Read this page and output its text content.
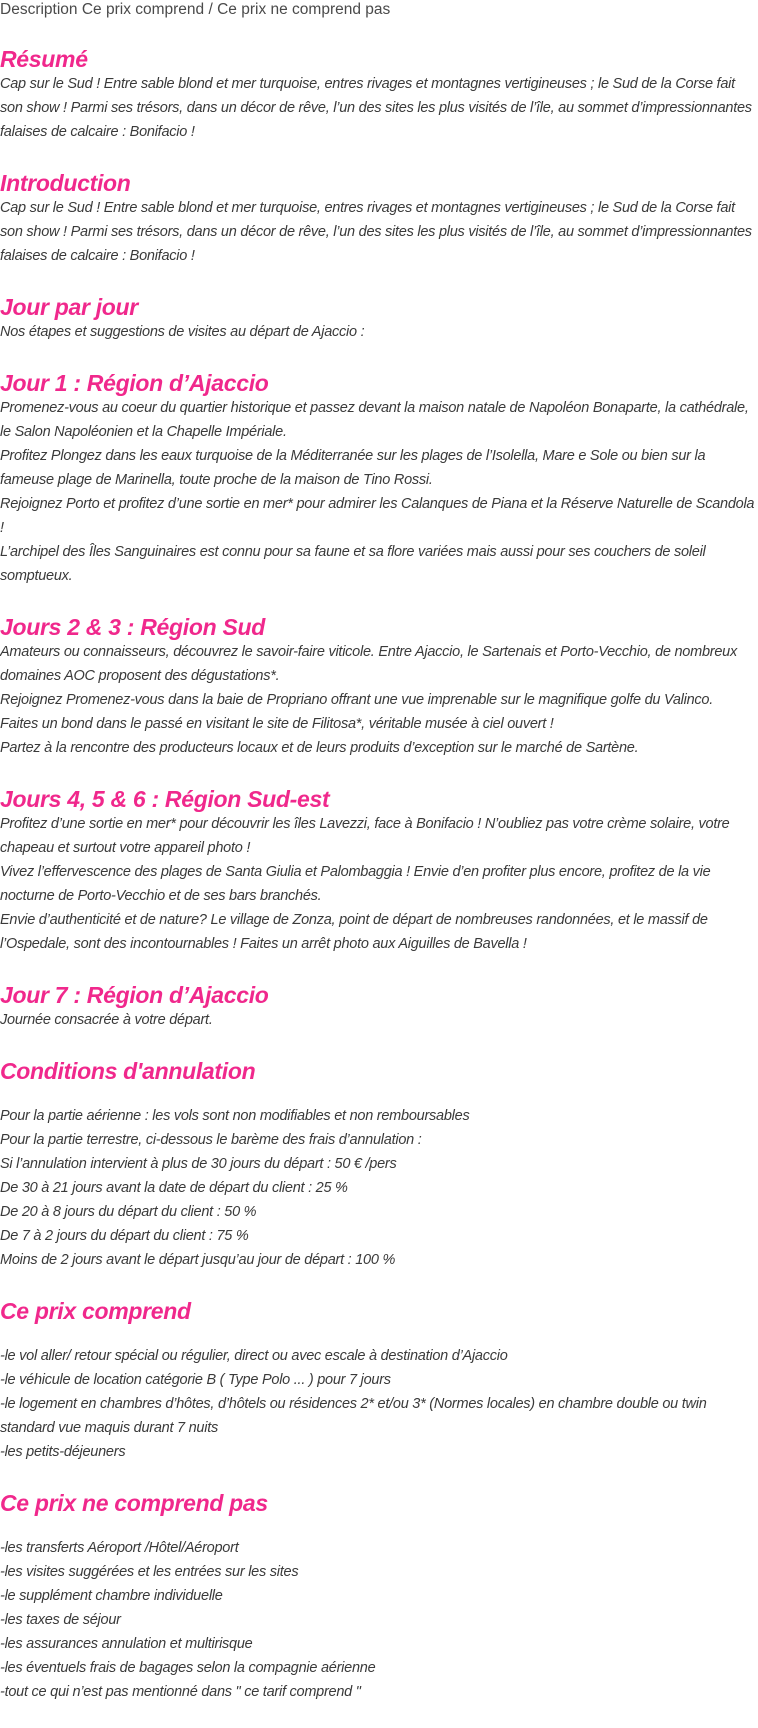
Description Ce prix comprend / Ce prix ne comprend pas
Résumé

Cap sur le Sud ! Entre sable blond et mer turquoise, entres rivages et montagnes vertigineuses ; le Sud de la Corse fait son show ! Parmi ses trésors, dans un décor de rêve, l’un des sites les plus visités de l’île, au sommet d’impressionnantes falaises de calcaire : Bonifacio !

Introduction

Cap sur le Sud ! Entre sable blond et mer turquoise, entres rivages et montagnes vertigineuses ; le Sud de la Corse fait son show ! Parmi ses trésors, dans un décor de rêve, l’un des sites les plus visités de l’île, au sommet d’impressionnantes falaises de calcaire : Bonifacio !

Jour par jour

Nos étapes et suggestions de visites au départ de Ajaccio :

Jour 1 : Région d’Ajaccio

Promenez-vous au coeur du quartier historique et passez devant la maison natale de Napoléon Bonaparte, la cathédrale, le Salon Napoléonien et la Chapelle Impériale.

Profitez Plongez dans les eaux turquoise de la Méditerranée sur les plages de l’Isolella, Mare e Sole ou bien sur la fameuse plage de Marinella, toute proche de la maison de Tino Rossi.

Rejoignez Porto et profitez d’une sortie en mer* pour admirer les Calanques de Piana et la Réserve Naturelle de Scandola !

L’archipel des Îles Sanguinaires est connu pour sa faune et sa flore variées mais aussi pour ses couchers de soleil somptueux.

Jours 2 & 3 : Région Sud

Amateurs ou connaisseurs, découvrez le savoir-faire viticole. Entre Ajaccio, le Sartenais et Porto-Vecchio, de nombreux domaines AOC proposent des dégustations*.

Rejoignez Promenez-vous dans la baie de Propriano offrant une vue imprenable sur le magnifique golfe du Valinco.

Faites un bond dans le passé en visitant le site de Filitosa*, véritable musée à ciel ouvert !

Partez à la rencontre des producteurs locaux et de leurs produits d’exception sur le marché de Sartène.

Jours 4, 5 & 6 : Région Sud-est

Profitez d’une sortie en mer* pour découvrir les îles Lavezzi, face à Bonifacio ! N’oubliez pas votre crème solaire, votre chapeau et surtout votre appareil photo !

Vivez l’effervescence des plages de Santa Giulia et Palombaggia ! Envie d’en profiter plus encore, profitez de la vie nocturne de Porto-Vecchio et de ses bars branchés.

Envie d’authenticité et de nature? Le village de Zonza, point de départ de nombreuses randonnées, et le massif de l’Ospedale, sont des incontournables ! Faites un arrêt photo aux Aiguilles de Bavella !

Jour 7 : Région d’Ajaccio

Journée consacrée à votre départ.

Conditions d'annulation
Pour la partie aérienne : les vols sont non modifiables et non remboursables
Pour la partie terrestre, ci-dessous le barème des frais d’annulation :
Si l’annulation intervient à plus de 30 jours du départ : 50 € /pers
De 30 à 21 jours avant la date de départ du client : 25 %
De 20 à 8 jours du départ du client : 50 %
De 7 à 2 jours du départ du client : 75 %
Moins de 2 jours avant le départ jusqu’au jour de départ : 100 %
Ce prix comprend
-le vol aller/ retour spécial ou régulier, direct ou avec escale à destination d’Ajaccio
-le véhicule de location catégorie B ( Type Polo ... ) pour 7 jours
-le logement en chambres d’hôtes, d’hôtels ou résidences 2* et/ou 3* (Normes locales) en chambre double ou twin standard vue maquis durant 7 nuits
-les petits-déjeuners
Ce prix ne comprend pas
-les transferts Aéroport /Hôtel/Aéroport
-les visites suggérées et les entrées sur les sites
-le supplément chambre individuelle
-les taxes de séjour
-les assurances annulation et multirisque
-les éventuels frais de bagages selon la compagnie aérienne
-tout ce qui n’est pas mentionné dans " ce tarif comprend "
